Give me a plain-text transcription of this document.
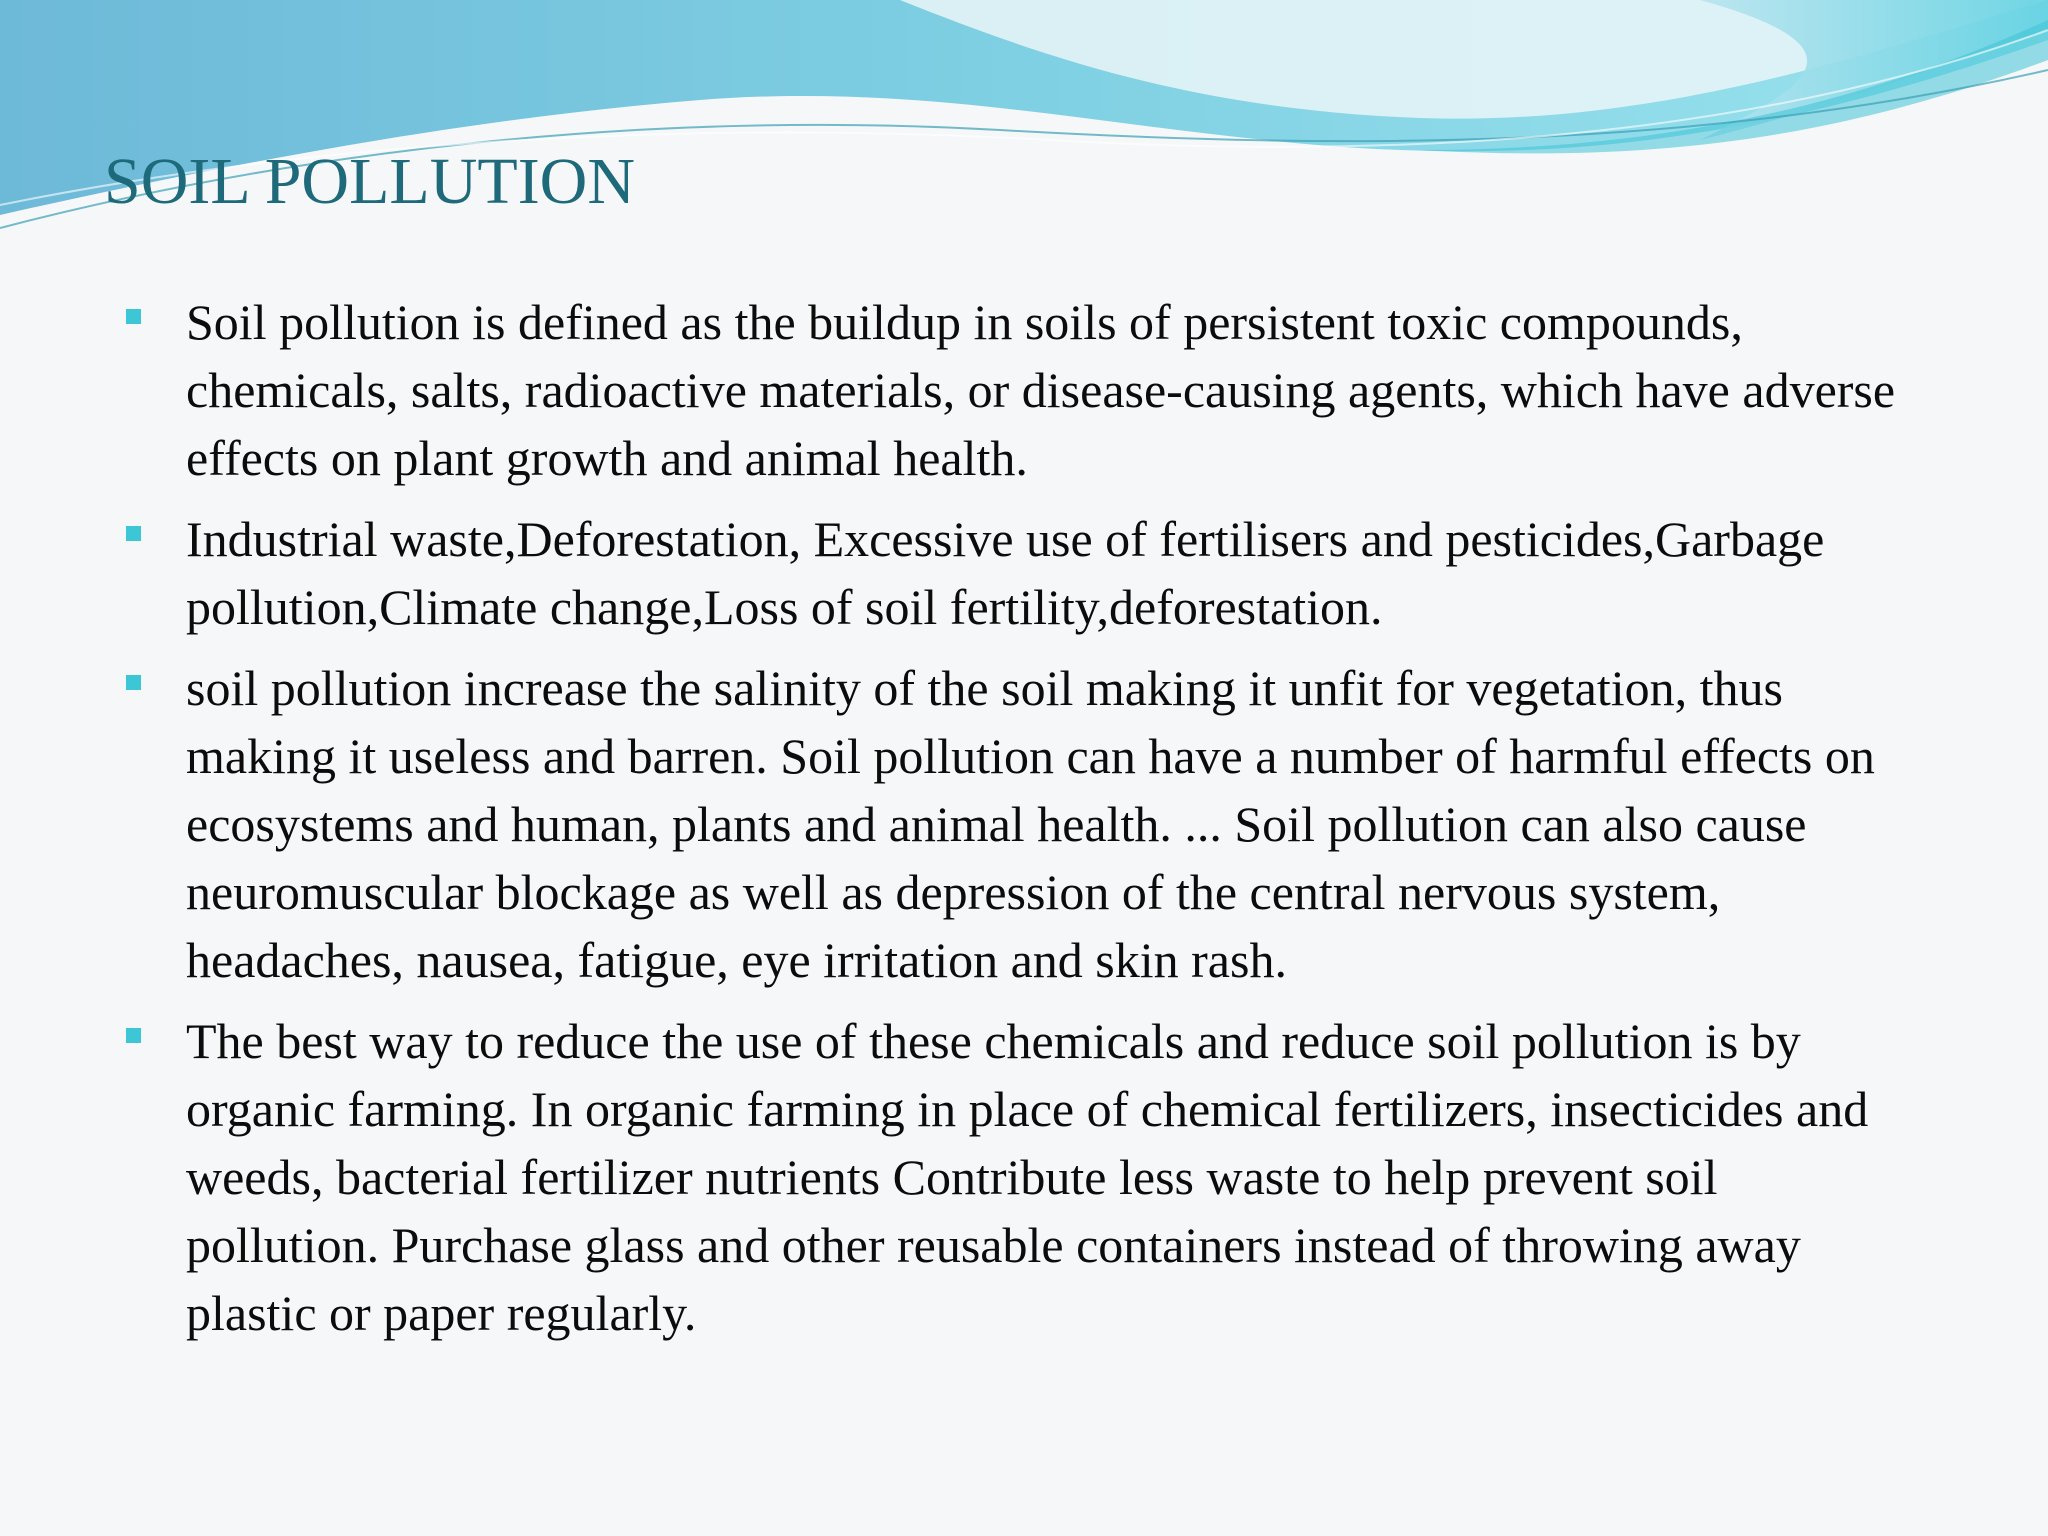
SOIL POLLUTION
Soil pollution is defined as the buildup in soils of persistent toxic compounds, chemicals, salts, radioactive materials, or disease-causing agents, which have adverse effects on plant growth and animal health.
Industrial waste,Deforestation, Excessive use of fertilisers and pesticides,Garbage pollution,Climate change,Loss of soil fertility,deforestation.
soil pollution increase the salinity of the soil making it unfit for vegetation, thus making it useless and barren. Soil pollution can have a number of harmful effects on ecosystems and human, plants and animal health. ... Soil pollution can also cause neuromuscular blockage as well as depression of the central nervous system, headaches, nausea, fatigue, eye irritation and skin rash.
The best way to reduce the use of these chemicals and reduce soil pollution is by organic farming. In organic farming in place of chemical fertilizers, insecticides and weeds, bacterial fertilizer nutrients Contribute less waste to help prevent soil pollution. Purchase glass and other reusable containers instead of throwing away plastic or paper regularly.
